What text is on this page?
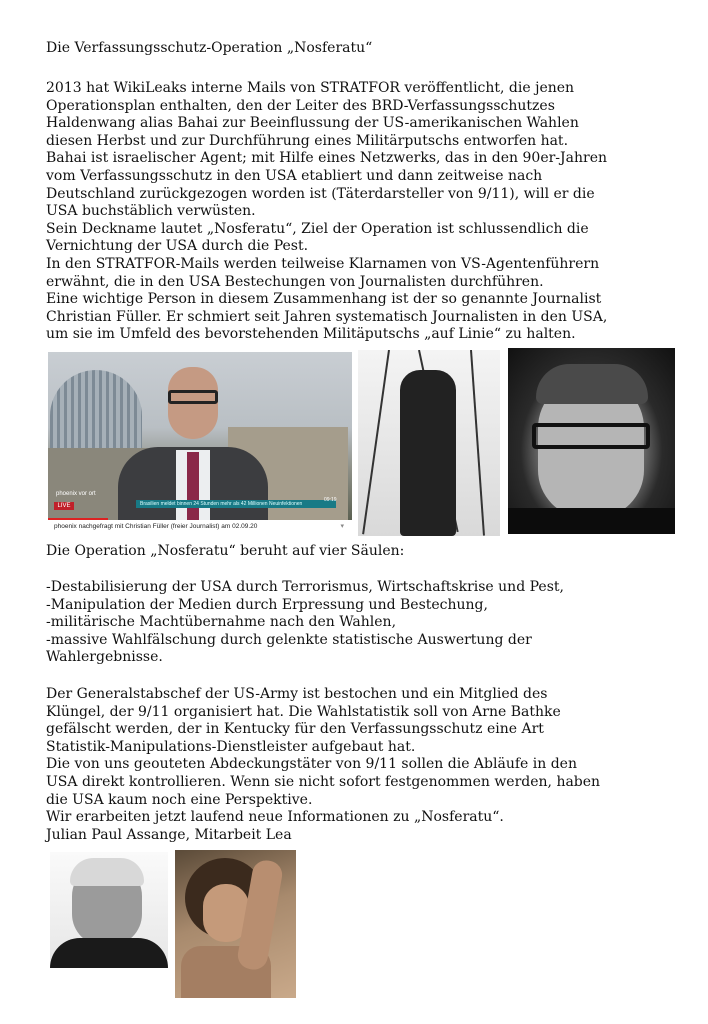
Die Verfassungsschutz-Operation „Nosferatu“
2013 hat WikiLeaks interne Mails von STRATFOR veröffentlicht, die jenen
Operationsplan enthalten, den der Leiter des BRD-Verfassungsschutzes
Haldenwang alias Bahai zur Beeinflussung der US-amerikanischen Wahlen
diesen Herbst und zur Durchführung eines Militärputschs entworfen hat.
Bahai ist israelischer Agent; mit Hilfe eines Netzwerks, das in den 90er-Jahren
vom Verfassungsschutz in den USA etabliert und dann zeitweise nach
Deutschland zurückgezogen worden ist (Täterdarsteller von 9/11), will er die
USA buchstäblich verwüsten.
Sein Deckname lautet „Nosferatu“, Ziel der Operation ist schlussendlich die
Vernichtung der USA durch die Pest.
In den STRATFOR-Mails werden teilweise Klarnamen von VS-Agentenführern
erwähnt, die in den USA Bestechungen von Journalisten durchführen.
Eine wichtige Person in diesem Zusammenhang ist der so genannte Journalist
Christian Füller. Er schmiert seit Jahren systematisch Journalisten in den USA,
um sie im Umfeld des bevorstehenden Militäputschs „auf Linie“ zu halten.
phoenix vor ort
LIVE	Brasilien meldet binnen 24 Stunden mehr als 42 Millionen Neuinfektionen
09:19
phoenix nachgefragt mit Christian Füller (freier Journalist) am 02.09.20	▾
Die Operation „Nosferatu“ beruht auf vier Säulen:
-Destabilisierung der USA durch Terrorismus, Wirtschaftskrise und Pest,
-Manipulation der Medien durch Erpressung und Bestechung,
-militärische Machtübernahme nach den Wahlen,
-massive Wahlfälschung durch gelenkte statistische Auswertung der
Wahlergebnisse.
Der Generalstabschef der US-Army ist bestochen und ein Mitglied des
Klüngel, der 9/11 organisiert hat. Die Wahlstatistik soll von Arne Bathke
gefälscht werden, der in Kentucky für den Verfassungsschutz eine Art
Statistik-Manipulations-Dienstleister aufgebaut hat.
Die von uns geouteten Abdeckungstäter von 9/11 sollen die Abläufe in den
USA direkt kontrollieren. Wenn sie nicht sofort festgenommen werden, haben
die USA kaum noch eine Perspektive.
Wir erarbeiten jetzt laufend neue Informationen zu „Nosferatu“.
Julian Paul Assange, Mitarbeit Lea
